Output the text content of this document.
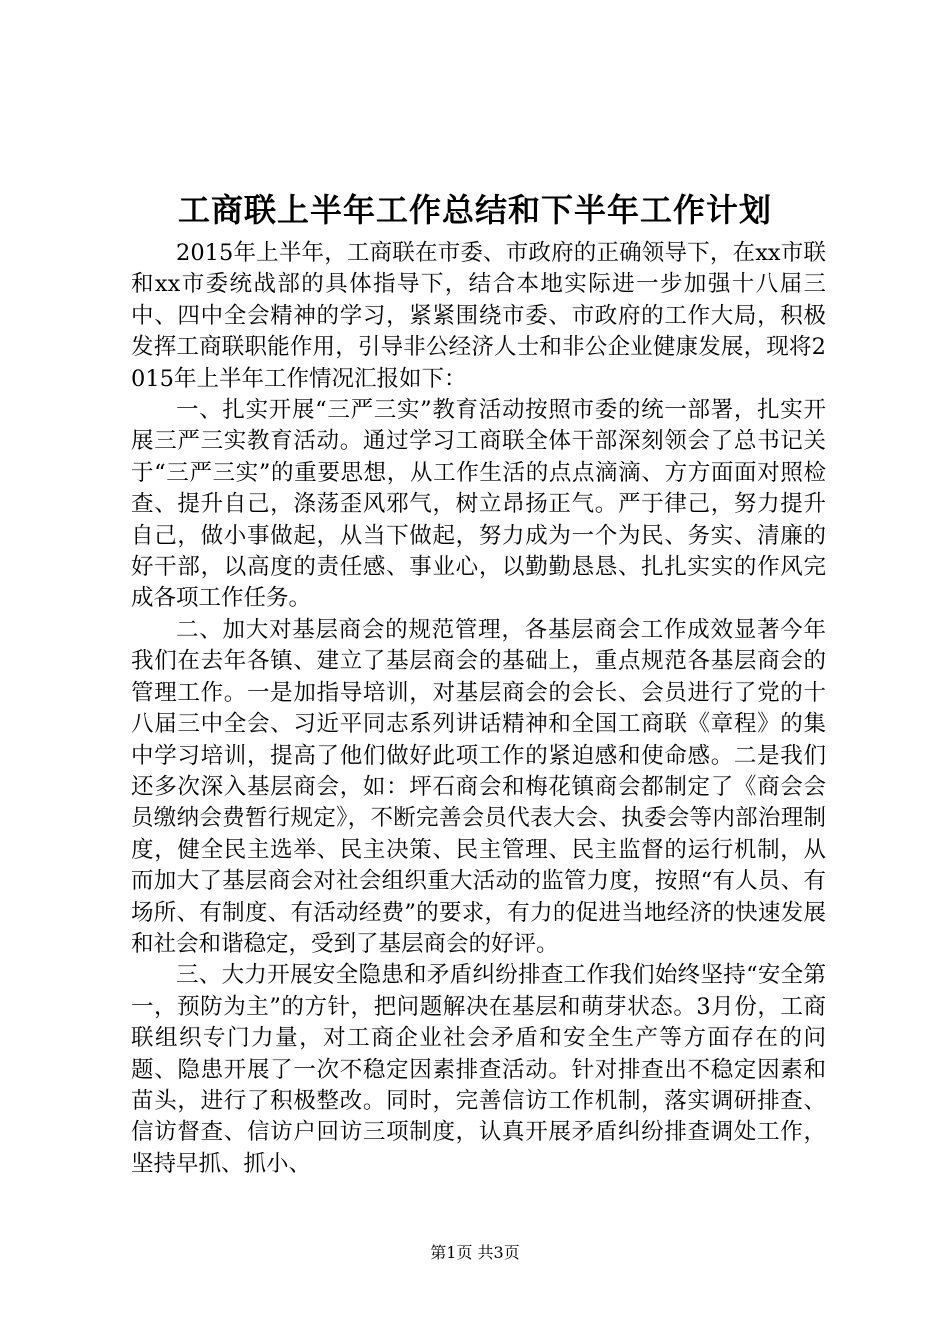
工商联上半年工作总结和下半年工作计划

2015年上半年，工商联在市委、市政府的正确领导下，在xx市联和xx市委统战部的具体指导下，结合本地实际进一步加强十八届三中、四中全会精神的学习，紧紧围绕市委、市政府的工作大局，积极发挥工商联职能作用，引导非公经济人士和非公企业健康发展，现将2015年上半年工作情况汇报如下：

一、扎实开展“三严三实”教育活动按照市委的统一部署，扎实开展三严三实教育活动。通过学习工商联全体干部深刻领会了总书记关于“三严三实”的重要思想，从工作生活的点点滴滴、方方面面对照检查、提升自己，涤荡歪风邪气，树立昂扬正气。严于律己，努力提升自己，做小事做起，从当下做起，努力成为一个为民、务实、清廉的好干部，以高度的责任感、事业心，以勤勤恳恳、扎扎实实的作风完成各项工作任务。

二、加大对基层商会的规范管理，各基层商会工作成效显著今年我们在去年各镇、建立了基层商会的基础上，重点规范各基层商会的管理工作。一是加指导培训，对基层商会的会长、会员进行了党的十八届三中全会、习近平同志系列讲话精神和全国工商联《章程》的集中学习培训，提高了他们做好此项工作的紧迫感和使命感。二是我们还多次深入基层商会，如：坪石商会和梅花镇商会都制定了《商会会员缴纳会费暂行规定》，不断完善会员代表大会、执委会等内部治理制度，健全民主选举、民主决策、民主管理、民主监督的运行机制，从而加大了基层商会对社会组织重大活动的监管力度，按照“有人员、有场所、有制度、有活动经费”的要求，有力的促进当地经济的快速发展和社会和谐稳定，受到了基层商会的好评。

三、大力开展安全隐患和矛盾纠纷排查工作我们始终坚持“安全第一，预防为主”的方针，把问题解决在基层和萌芽状态。3月份，工商联组织专门力量，对工商企业社会矛盾和安全生产等方面存在的问题、隐患开展了一次不稳定因素排查活动。针对排查出不稳定因素和苗头，进行了积极整改。同时，完善信访工作机制，落实调研排查、信访督查、信访户回访三项制度，认真开展矛盾纠纷排查调处工作，坚持早抓、抓小、

第1页 共3页
